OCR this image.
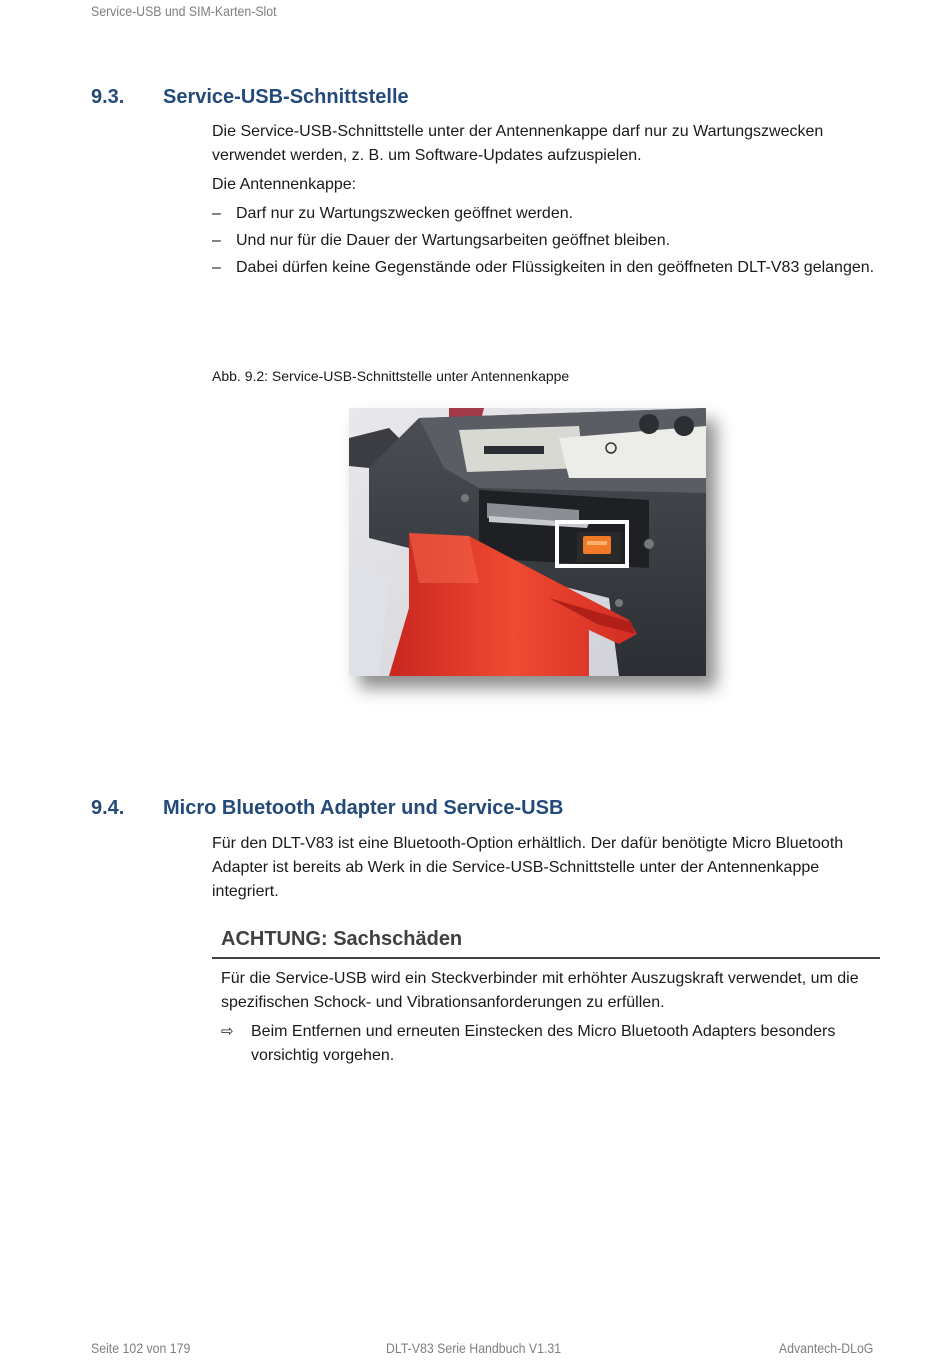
Service-USB und SIM-Karten-Slot
9.3. Service-USB-Schnittstelle

Die Service-USB-Schnittstelle unter der Antennenkappe darf nur zu Wartungszwecken verwendet werden, z. B. um Software-Updates aufzuspielen.

Die Antennenkappe:

– Darf nur zu Wartungszwecken geöffnet werden.
– Und nur für die Dauer der Wartungsarbeiten geöffnet bleiben.
– Dabei dürfen keine Gegenstände oder Flüssigkeiten in den geöffneten DLT-V83 gelangen.
Abb. 9.2: Service-USB-Schnittstelle unter Antennenkappe
9.4. Micro Bluetooth Adapter und Service-USB

Für den DLT-V83 ist eine Bluetooth-Option erhältlich. Der dafür benötigte Micro Bluetooth Adapter ist bereits ab Werk in die Service-USB-Schnittstelle unter der Antennenkappe integriert.

ACHTUNG: Sachschäden

Für die Service-USB wird ein Steckverbinder mit erhöhter Auszugskraft verwendet, um die spezifischen Schock- und Vibrationsanforderungen zu erfüllen.

⇨ Beim Entfernen und erneuten Einstecken des Micro Bluetooth Adapters besonders vorsichtig vorgehen.
Seite 102 von 179	DLT-V83 Serie Handbuch V1.31	Advantech-DLoG
